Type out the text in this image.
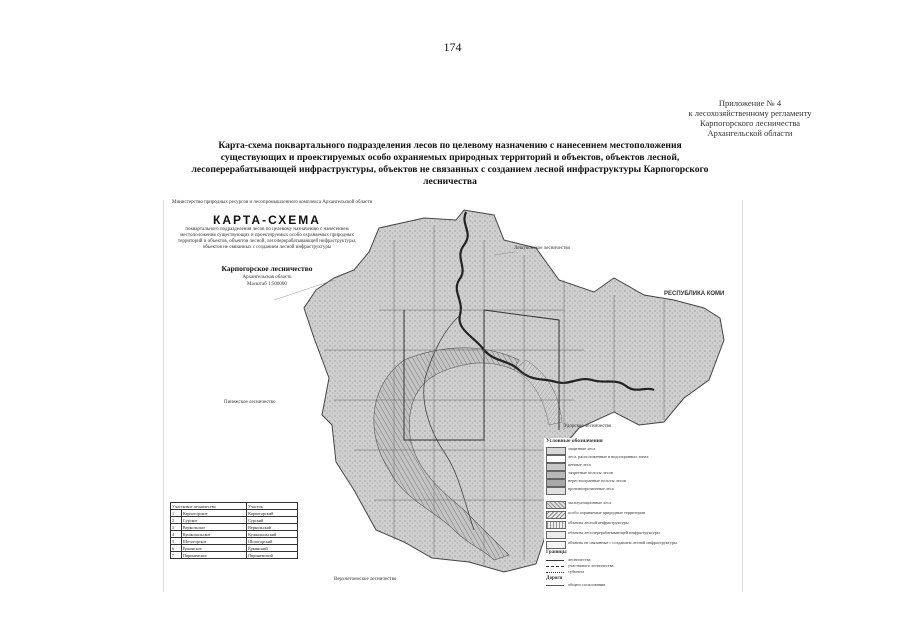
174
Приложение № 4
к лесохозяйственному регламенту
Карпогорского лесничества
Архангельской области
Карта-схема поквартального подразделения лесов по целевому назначению с нанесением местоположения
существующих и проектируемых особо охраняемых природных территорий и объектов, объектов лесной,
лесоперерабатывающей инфраструктуры, объектов не связанных с созданием лесной инфраструктуры Карпогорского
лесничества
Министерство природных ресурсов и лесопромышленного комплекса Архангельской области
КАРТА-СХЕМА
поквартального подразделения лесов по целевому назначению с нанесением местоположения существующих и проектируемых особо охраняемых природных территорий и объектов, объектов лесной, лесоперерабатывающей инфраструктуры, объектов не связанных с созданием лесной инфраструктуры
Карпогорское лесничество
Архангельская область
Масштаб 1:500000
Лешуконское лесничество
РЕСПУБЛИКА КОМИ
Пинежское лесничество
Удорское лесничество
Верхнетоемское лесничество
Условные обозначения
защитные леса
леса, расположенные в водоохранных зонах
ценные леса
запретные полосы лесов
нерестоохранные полосы лесов
противоэрозионные леса
эксплуатационные леса
особо охраняемые природные территории
объекты лесной инфраструктуры
объекты лесоперерабатывающей инфраструктуры
объекты не связанные с созданием лесной инфраструктуры
Границы
лесничества
участкового лесничества
субъекта
Дороги
общего пользования
Участковое лесничество		Участок
1	Карпогорское	Карпогорский
2	Сурское	Сурский
3	Веркольское	Веркольский
4	Кушкопальское	Кушкопальский
5	Шотогорское	Шотогорский
6	Ёркинское	Ёркинский
7	Пиринемское	Пиринемский
